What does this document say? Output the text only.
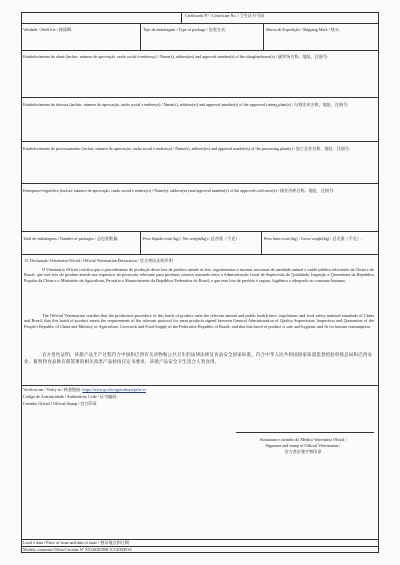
Certificado N° / Certificate No. / 卫生证书号码
Validade / Shelf life / 保质期:	Tipo de embalagem / Type of package / 包装方式:	Marca de Expedição / Shipping Mark / 唛头:
Estabelecimento de abate (incluir: número de aprovação, razão social e endereço) / Name(s), address(es) and approval number(s) of the slaughterhouse(s) / 屠宰场名称、地址、注册号:
Estabelecimento de desossa (incluir: número de aprovação, razão social e endereço) / Name(s), address(es) and approval number(s) of the approved cutting plant(s) / 分割企业名称、地址、注册号:
Estabelecimento de processamento (incluir: número de aprovação, razão social e endereço) / Name(s), address(es) and approval number(s) of the processing plant(s) / 加工企业名称、地址、注册号:
Entreposto-frigorífico (incluir: número de aprovação, razão social e endereço) / Name(s), address(es) and approval number(s) of the approved cold store(s) / 储存冷库名称、地址、注册号:
Total de embalagens / Number of packages / 总包装数量:	Peso líquido total (kg) / Net weight(kg) / 总净重（千克）:	Peso bruto total (kg) / Gross weight(kg) / 总毛重（千克）:
15. Declaração Veterinária Oficial / Official Veterinarian Declaration / 官方兽医证明声明
O Veterinário Oficial certifica que o procedimento de produção deste lote de produto atende às leis, regulamentos e normas nacionais de sanidade animal e saúde pública relevantes da China e do Brasil; que este lote do produto atende aos requisitos do protocolo relevante para produtos cárneos assinado entre a Administração Geral de Supervisão de Qualidade, Inspeção e Quarentena da República Popular da China e o Ministério da Agricultura, Pecuária e Abastecimento da República Federativa do Brasil, e que esse lote de produto é seguro, higiênico e adequado ao consumo humano.
The Official Veterinarian certifies that the production procedure of this batch of product meet the relevant animal and public health laws, regulations and food safety national standards of China and Brazil, that this batch of product meets the requirements of the relevant protocol for meat products signed between General Administration of Quality Supervision, Inspection and Quarantine of the People's Republic of China and Ministry of Agriculture, Livestock and Food Supply of the Federative Republic of Brazil; and that this batch of product is safe and hygienic and fit for human consumption.
官方兽医证明，该批产品生产过程符合中国和巴西有关动物和公共卫生的法律法规及食品安全国家标准，符合中华人民共和国国家质量监督检验检疫总局和巴西农业、畜牧和食品供应部签署的相关肉类产品检疫议定书要求，该批产品安全卫生适合人类食用。
Verificar em / Verify at / 核查链接: https://www.gov.br/agricultura/pt-br/vi
Código de Autenticidade / Authenticity Code / 证书编码:
Carimbo Oficial / Official Stamp / 官方印章
Assinatura e carimbo do Médico Veterinário Oficial /
Signature and stamp of Official Veterinarian /
官方兽医签字和印章
Local e data / Place of issue and date of issue / 签证地点和日期
Modelo conforme Ofício-Circular Nº XX/2020/DHC/CGI/DIPOA
